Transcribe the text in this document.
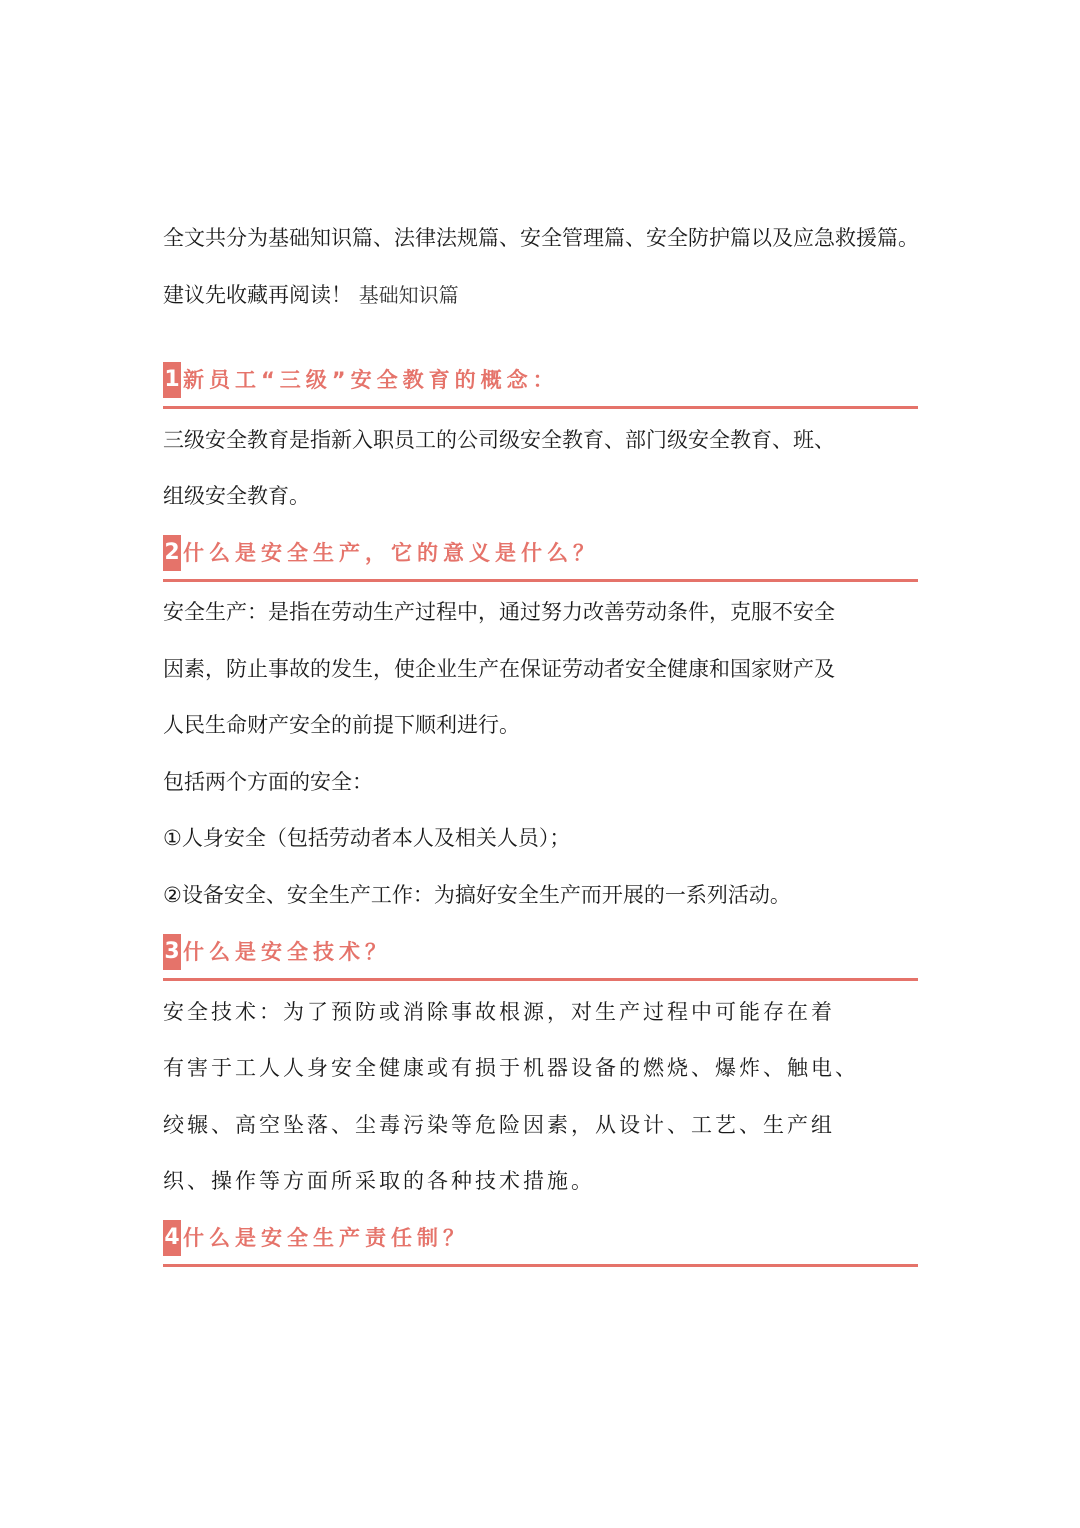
全文共分为基础知识篇、法律法规篇、安全管理篇、安全防护篇以及应急救援篇。
建议先收藏再阅读！ 基础知识篇
1 新员工“三级”安全教育的概念：
三级安全教育是指新入职员工的公司级安全教育、部门级安全教育、班、
组级安全教育。
2 什么是安全生产，它的意义是什么？
安全生产：是指在劳动生产过程中，通过努力改善劳动条件，克服不安全
因素，防止事故的发生，使企业生产在保证劳动者安全健康和国家财产及
人民生命财产安全的前提下顺利进行。
包括两个方面的安全：
①人身安全（包括劳动者本人及相关人员）；
②设备安全、安全生产工作：为搞好安全生产而开展的一系列活动。
3 什么是安全技术？
安全技术：为了预防或消除事故根源，对生产过程中可能存在着
有害于工人人身安全健康或有损于机器设备的燃烧、爆炸、触电、
绞辗、高空坠落、尘毒污染等危险因素，从设计、工艺、生产组
织、操作等方面所采取的各种技术措施。
4 什么是安全生产责任制？
